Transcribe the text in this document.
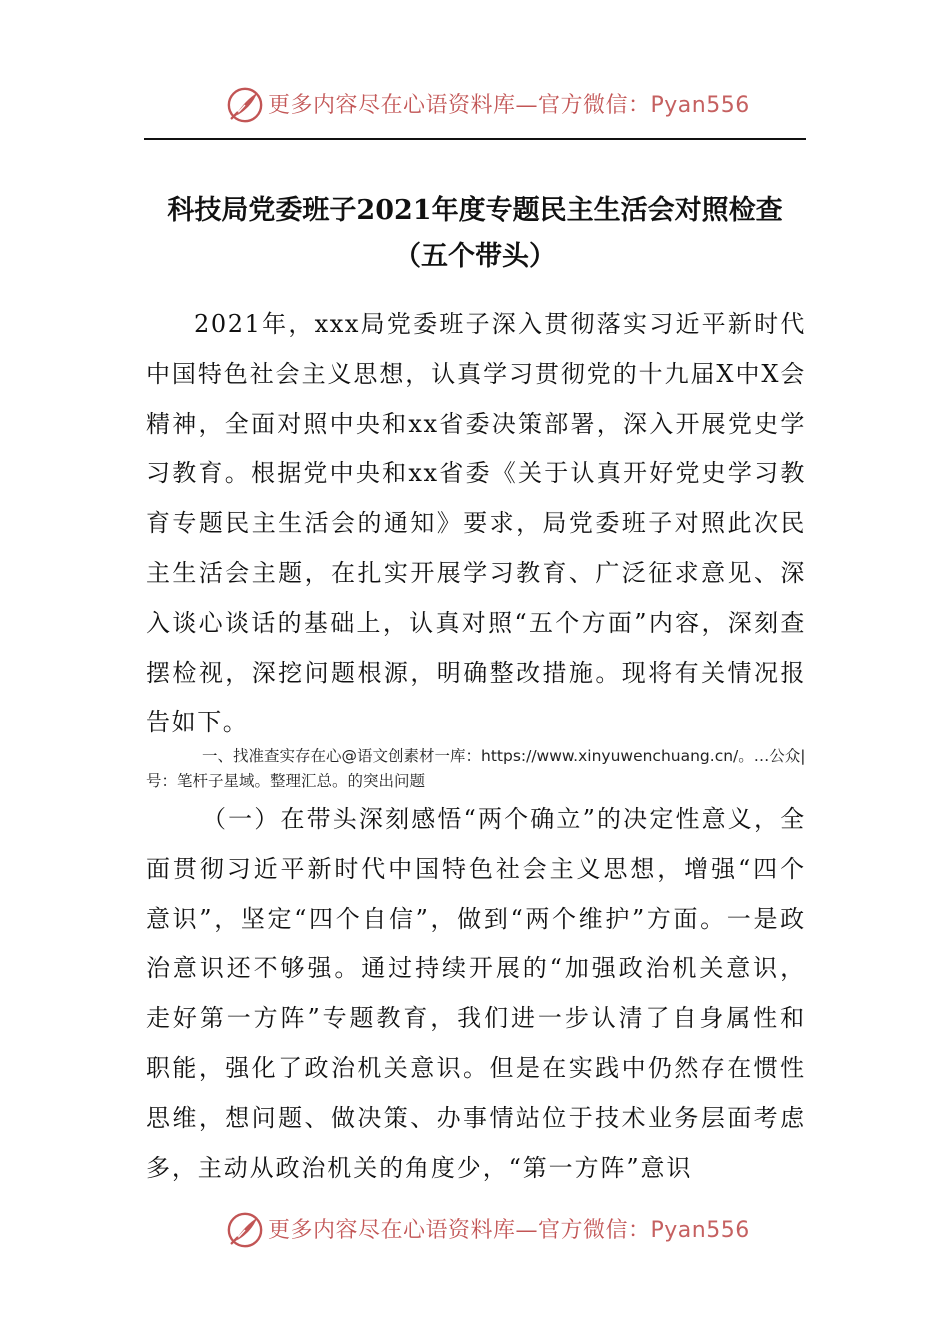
更多内容尽在心语资料库—官方微信：Pyan556
科技局党委班子2021年度专题民主生活会对照检查（五个带头）

2021年，xxx局党委班子深入贯彻落实习近平新时代中国特色社会主义思想，认真学习贯彻党的十九届X中X会精神，全面对照中央和xx省委决策部署，深入开展党史学习教育。根据党中央和xx省委《关于认真开好党史学习教育专题民主生活会的通知》要求，局党委班子对照此次民主生活会主题，在扎实开展学习教育、广泛征求意见、深入谈心谈话的基础上，认真对照“五个方面”内容，深刻查摆检视，深挖问题根源，明确整改措施。现将有关情况报告如下。

一、找准查实存在心@语文创素材一库：https://www.xinyuwenchuang.cn/。…公众|号：笔杆子星域。整理汇总。的突出问题

（一）在带头深刻感悟“两个确立”的决定性意义，全面贯彻习近平新时代中国特色社会主义思想，增强“四个意识”，坚定“四个自信”，做到“两个维护”方面。一是政治意识还不够强。通过持续开展的“加强政治机关意识，走好第一方阵”专题教育，我们进一步认清了自身属性和职能，强化了政治机关意识。但是在实践中仍然存在惯性思维，想问题、做决策、办事情站位于技术业务层面考虑多，主动从政治机关的角度少，“第一方阵”意识

更多内容尽在心语资料库—官方微信：Pyan556
